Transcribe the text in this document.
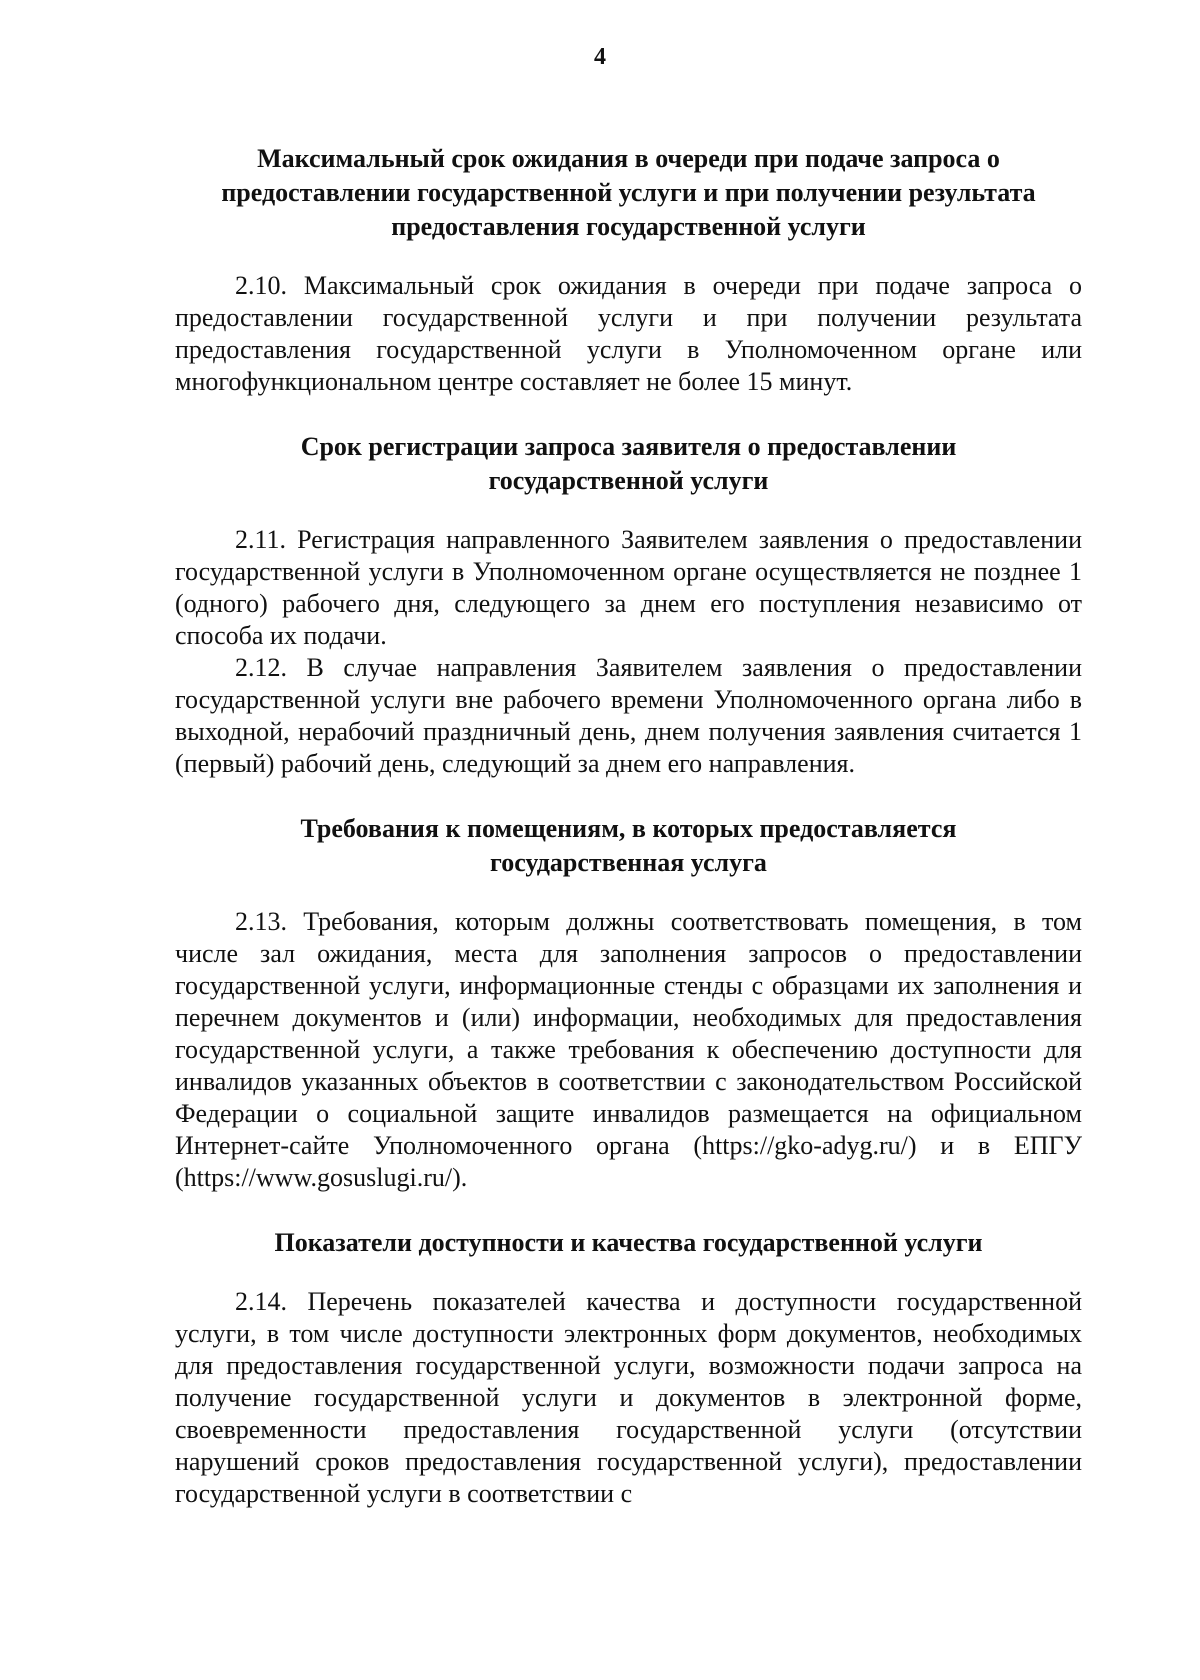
4
Максимальный срок ожидания в очереди при подаче запроса о
предоставлении государственной услуги и при получении результата
предоставления государственной услуги

2.10. Максимальный срок ожидания в очереди при подаче запроса о предоставлении государственной услуги и при получении результата предоставления государственной услуги в Уполномоченном органе или многофункциональном центре составляет не более 15 минут.

Срок регистрации запроса заявителя о предоставлении
государственной услуги

2.11. Регистрация направленного Заявителем заявления о предоставлении государственной услуги в Уполномоченном органе осуществляется не позднее 1 (одного) рабочего дня, следующего за днем его поступления независимо от способа их подачи.

2.12. В случае направления Заявителем заявления о предоставлении государственной услуги вне рабочего времени Уполномоченного органа либо в выходной, нерабочий праздничный день, днем получения заявления считается 1 (первый) рабочий день, следующий за днем его направления.

Требования к помещениям, в которых предоставляется
государственная услуга

2.13. Требования, которым должны соответствовать помещения, в том числе зал ожидания, места для заполнения запросов о предоставлении государственной услуги, информационные стенды с образцами их заполнения и перечнем документов и (или) информации, необходимых для предоставления государственной услуги, а также требования к обеспечению доступности для инвалидов указанных объектов в соответствии с законодательством Российской Федерации о социальной защите инвалидов размещается на официальном Интернет-сайте Уполномоченного органа (https://gko-adyg.ru/) и в ЕПГУ (https://www.gosuslugi.ru/).

Показатели доступности и качества государственной услуги

2.14. Перечень показателей качества и доступности государственной услуги, в том числе доступности электронных форм документов, необходимых для предоставления государственной услуги, возможности подачи запроса на получение государственной услуги и документов в электронной форме, своевременности предоставления государственной услуги (отсутствии нарушений сроков предоставления государственной услуги), предоставлении государственной услуги в соответствии с
